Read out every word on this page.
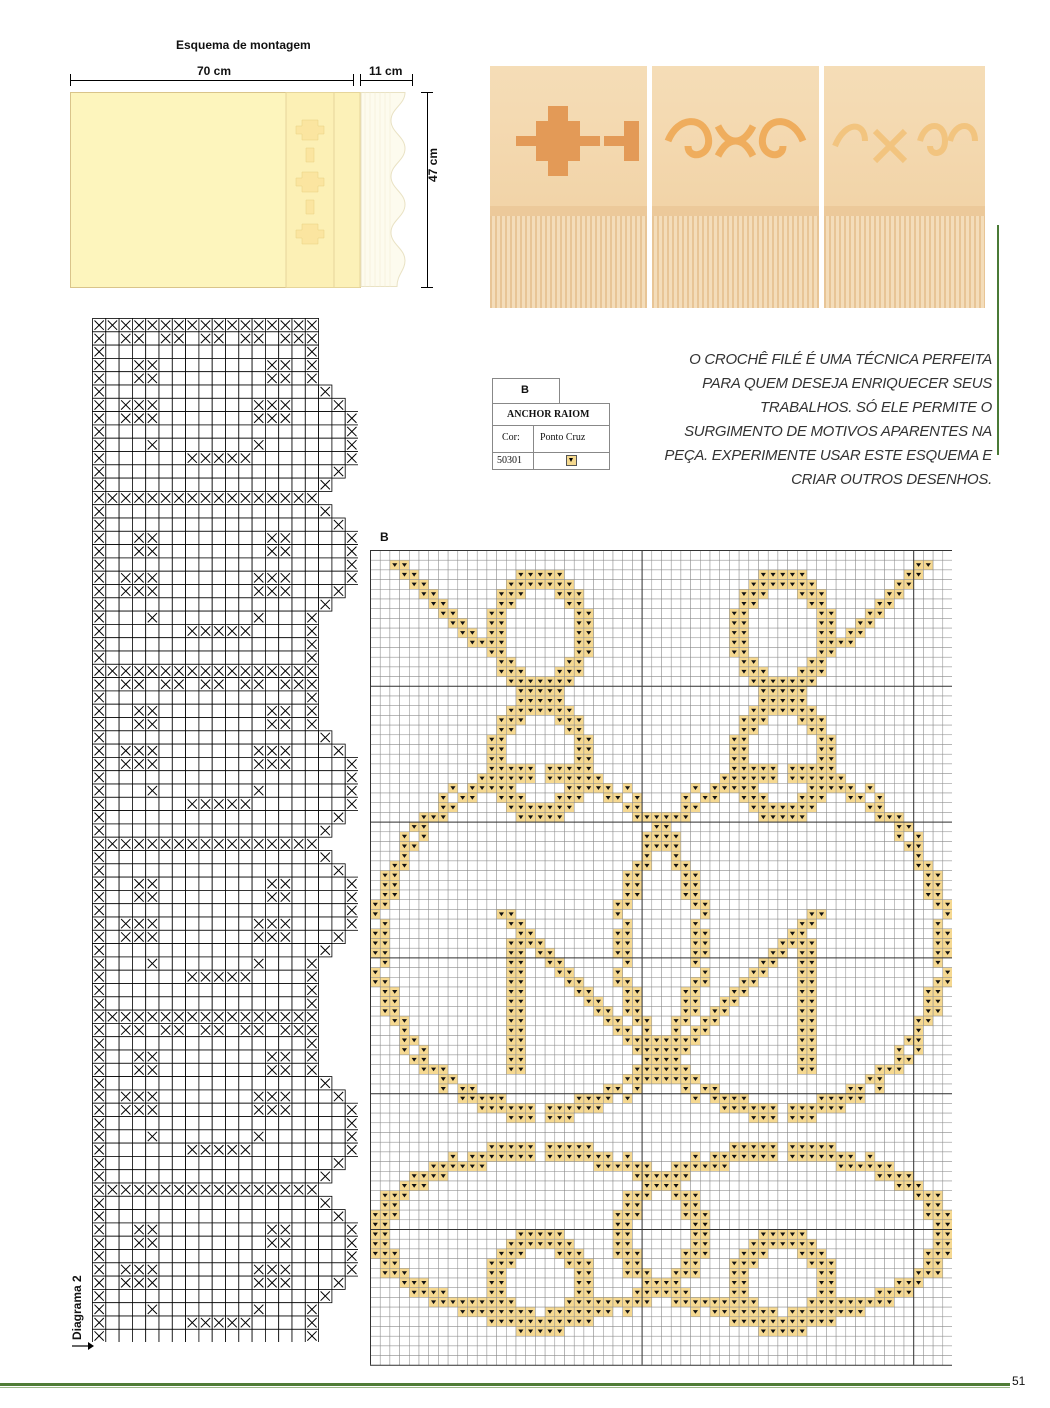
Esquema de montagem
70 cm	11 cm
47 cm
O CROCHÊ FILÉ É UMA TÉCNICA PERFEITA PARA QUEM DESEJA ENRIQUECER SEUS TRABALHOS. SÓ ELE PERMITE O SURGIMENTO DE MOTIVOS APARENTES NA PEÇA. EXPERIMENTE USAR ESTE ESQUEMA E CRIAR OUTROS DESENHOS.

B
ANCHOR RAIOM
Cor: Ponto Cruz
50301
Diagrama 2
B
51
